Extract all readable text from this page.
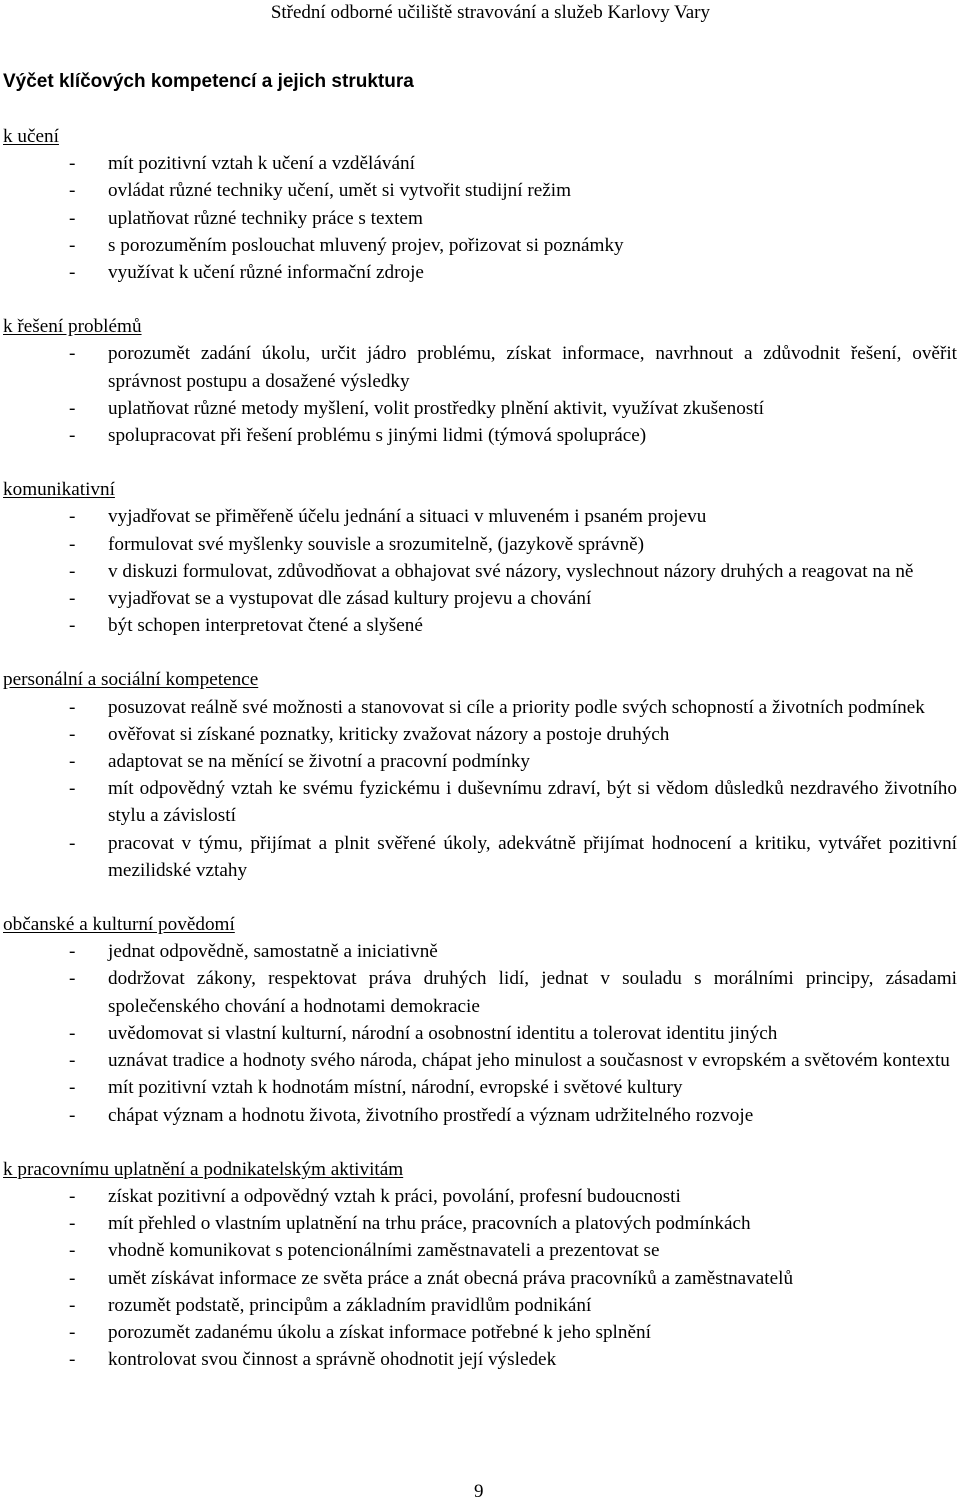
Střední odborné učiliště stravování a služeb Karlovy Vary
Výčet klíčových kompetencí a jejich struktura
k učení
- mít pozitivní vztah k učení a vzdělávání
- ovládat různé techniky učení, umět si vytvořit studijní režim
- uplatňovat různé techniky práce s textem
- s porozuměním poslouchat mluvený projev, pořizovat si poznámky
- využívat k učení různé informační zdroje
k řešení problémů
- porozumět zadání úkolu, určit jádro problému, získat informace, navrhnout a zdůvodnit řešení, ověřit správnost postupu a dosažené výsledky
- uplatňovat různé metody myšlení, volit prostředky plnění aktivit, využívat zkušeností
- spolupracovat při řešení problému s jinými lidmi (týmová spolupráce)
komunikativní
- vyjadřovat se přiměřeně účelu jednání a situaci v mluveném i psaném projevu
- formulovat své myšlenky souvisle a srozumitelně, (jazykově správně)
- v diskuzi formulovat, zdůvodňovat a obhajovat své názory, vyslechnout názory druhých a reagovat na ně
- vyjadřovat se a vystupovat dle zásad kultury projevu a chování
- být schopen interpretovat čtené a slyšené
personální a sociální kompetence
- posuzovat reálně své možnosti a stanovovat si cíle a priority podle svých schopností a životních podmínek
- ověřovat si získané poznatky, kriticky zvažovat názory a postoje druhých
- adaptovat se na měnící se životní a pracovní podmínky
- mít odpovědný vztah ke svému fyzickému i duševnímu zdraví, být si vědom důsledků nezdravého životního stylu a závislostí
- pracovat v týmu, přijímat a plnit svěřené úkoly, adekvátně přijímat hodnocení a kritiku, vytvářet pozitivní mezilidské vztahy
občanské a kulturní povědomí
- jednat odpovědně, samostatně a iniciativně
- dodržovat zákony, respektovat práva druhých lidí, jednat v souladu s morálními principy, zásadami společenského chování a hodnotami demokracie
- uvědomovat si vlastní kulturní, národní a osobnostní identitu a tolerovat identitu jiných
- uznávat tradice a hodnoty svého národa, chápat jeho minulost a současnost v evropském a světovém kontextu
- mít pozitivní vztah k hodnotám místní, národní, evropské i světové kultury
- chápat význam a hodnotu života, životního prostředí a význam udržitelného rozvoje
k pracovnímu uplatnění a podnikatelským aktivitám
- získat pozitivní a odpovědný vztah k práci, povolání, profesní budoucnosti
- mít přehled o vlastním uplatnění na trhu práce, pracovních a platových podmínkách
- vhodně komunikovat s potencionálními zaměstnavateli a prezentovat se
- umět získávat informace ze světa práce a znát obecná práva pracovníků a zaměstnavatelů
- rozumět podstatě, principům a základním pravidlům podnikání
- porozumět zadanému úkolu a získat informace potřebné k jeho splnění
- kontrolovat svou činnost a správně ohodnotit její výsledek
9
